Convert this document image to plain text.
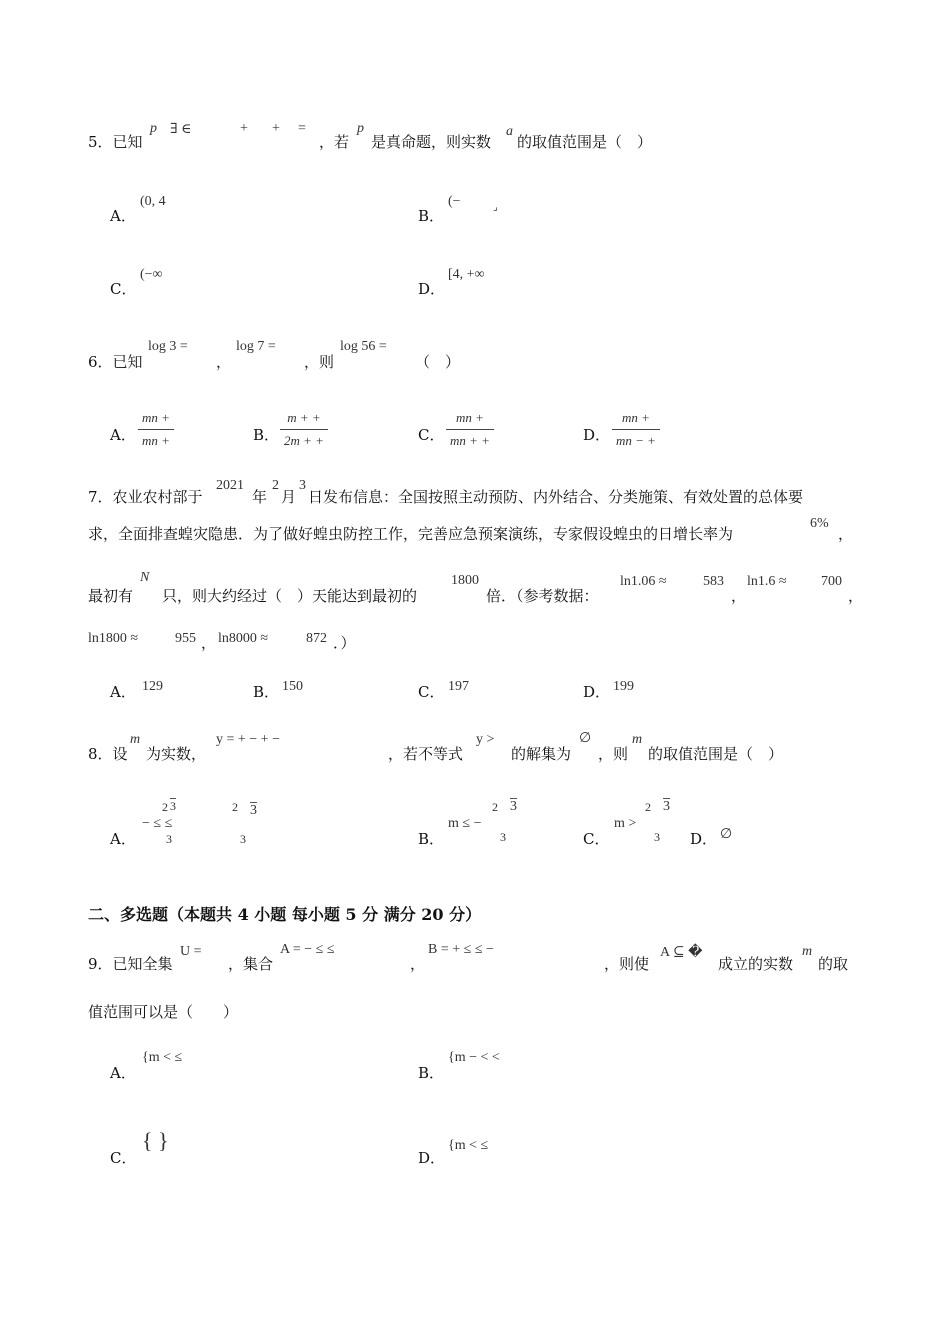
5．已知
p ∃ ∈	+ + =
，若
p
是真命题，则实数
a
的取值范围是（　）
A．
(0, 4
B．
(−	⌟
C．
(−∞
D．
[4, +∞
6．已知
log 3 =
，
log 7 =
，则
log 56 =
（　）
A．
mn +
mn +	B．
m + +
2m + +	C．
mn +
mn + +	D．
mn +
mn − +
7．农业农村部于
2021
年
2
月
3
日发布信息：全国按照主动预防、内外结合、分类施策、有效处置的总体要
求，全面排查蝗灾隐患．为了做好蝗虫防控工作，完善应急预案演练，专家假设蝗虫的日增长率为
6%
，
最初有
N
只，则大约经过（　）天能达到最初的
1800
倍．（参考数据：
ln1.06 ≈	583
，
ln1.6 ≈ 700
，
ln1800 ≈	955 ， ln8000 ≈	872 ．）
A． 129	B． 150	C． 197	D． 199
8．设
m
为实数，
y = + − + −
，若不等式
y >
的解集为
∅
，则
m
的取值范围是（　）
A．
− ≤ ≤
2 3
3
2 3
3	B．
m ≤ −
2 3
3	C．
m >
2 3
3 D． ∅
二、多选题（本题共 4 小题 每小题 5 分 满分 20 分）
9．已知全集
U =
，集合
A = − ≤ ≤
，
B = + ≤ ≤ −
，则使
A ⊆ �
成立的实数
m
的取
值范围可以是（　　）
A．
{m < ≤
B．
{m − < <
C．
{ }
D．
{m < ≤
